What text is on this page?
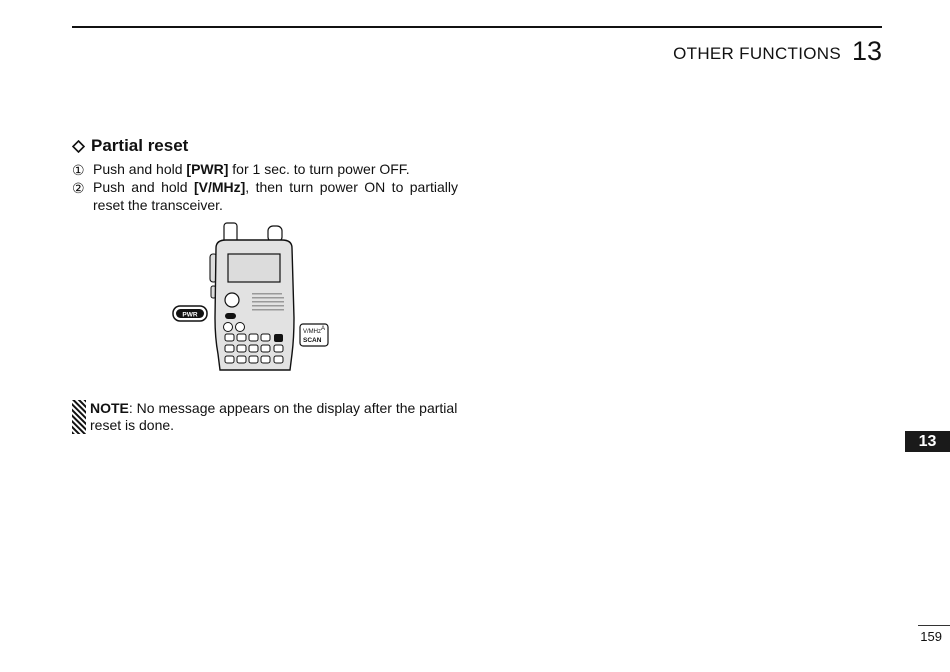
OTHER FUNCTIONS 13
Partial reset
① Push and hold [PWR] for 1 sec. to turn power OFF.
② Push and hold [V/MHz], then turn power ON to partially reset the transceiver.
PWR
V/MHz A
SCAN
NOTE: No message appears on the display after the partial reset is done.
13
159
